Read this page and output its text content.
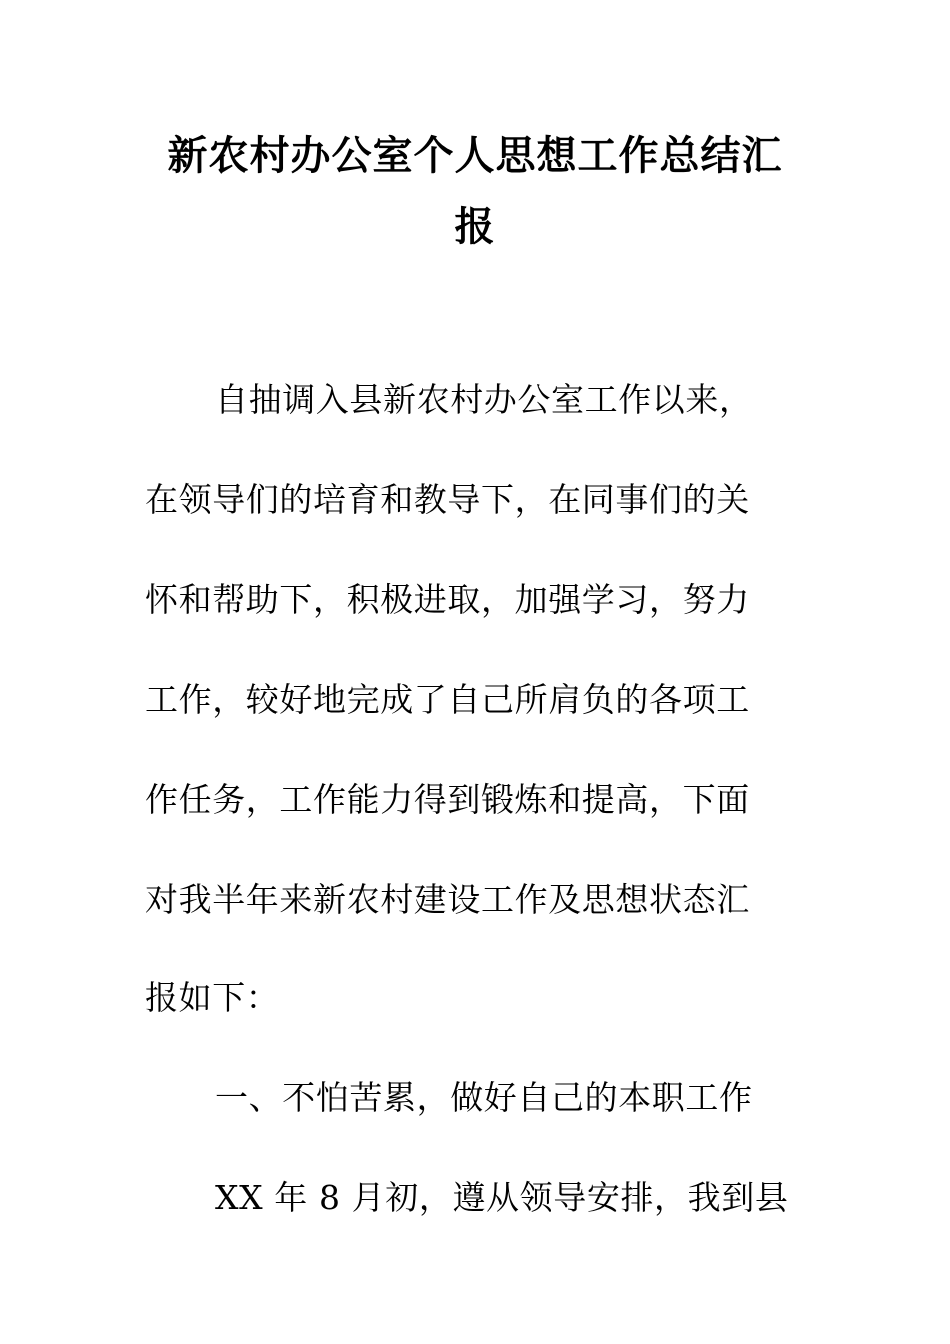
新农村办公室个人思想工作总结汇
报
自抽调入县新农村办公室工作以来，
在领导们的培育和教导下，在同事们的关
怀和帮助下，积极进取，加强学习，努力
工作，较好地完成了自己所肩负的各项工
作任务，工作能力得到锻炼和提高，下面
对我半年来新农村建设工作及思想状态汇
报如下：
一、不怕苦累，做好自己的本职工作
XX 年 8 月初，遵从领导安排，我到县
